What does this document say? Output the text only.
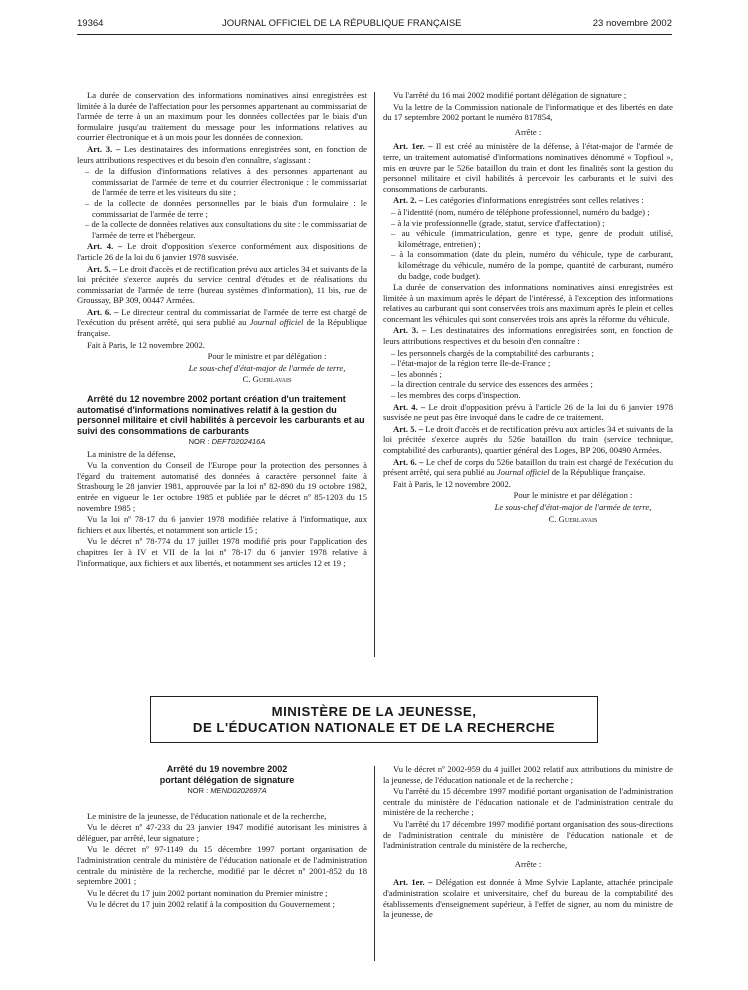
19364	JOURNAL OFFICIEL DE LA RÉPUBLIQUE FRANÇAISE	23 novembre 2002

La durée de conservation des informations nominatives ainsi enregistrées est limitée à la durée de l'affectation pour les personnes appartenant au commissariat de l'armée de terre à un an maximum pour les données collectées par le biais d'un formulaire jusqu'au traitement du message pour les informations relatives au courrier électronique et à un mois pour les données de connexion.

Art. 3. – Les destinataires des informations enregistrées sont, en fonction de leurs attributions respectives et du besoin d'en connaître, s'agissant :

– de la diffusion d'informations relatives à des personnes appartenant au commissariat de l'armée de terre et du courrier électronique : le commissariat de l'armée de terre et les visiteurs du site ;
– de la collecte de données personnelles par le biais d'un formulaire : le commissariat de l'armée de terre ;
– de la collecte de données relatives aux consultations du site : le commissariat de l'armée de terre et l'hébergeur.

Art. 4. – Le droit d'opposition s'exerce conformément aux dispositions de l'article 26 de la loi du 6 janvier 1978 susvisée.

Art. 5. – Le droit d'accès et de rectification prévu aux articles 34 et suivants de la loi précitée s'exerce auprès du service central d'études et de réalisations du commissariat de l'armée de terre (bureau systèmes d'information), 11 bis, rue de Groussay, BP 309, 00447 Armées.

Art. 6. – Le directeur central du commissariat de l'armée de terre est chargé de l'exécution du présent arrêté, qui sera publié au Journal officiel de la République française.

Fait à Paris, le 12 novembre 2002.

Pour le ministre et par délégation :

Le sous-chef d'état-major de l'armée de terre,

C. Guerlavais

Arrêté du 12 novembre 2002 portant création d'un traitement automatisé d'informations nominatives relatif à la gestion du personnel militaire et civil habilités à percevoir les carburants et au suivi des consommations de carburants

NOR : DEFT0202416A

La ministre de la défense,

Vu la convention du Conseil de l'Europe pour la protection des personnes à l'égard du traitement automatisé des données à caractère personnel faite à Strasbourg le 28 janvier 1981, approuvée par la loi nº 82-890 du 19 octobre 1982, entrée en vigueur le 1er octobre 1985 et publiée par le décret nº 85-1203 du 15 novembre 1985 ;

Vu la loi nº 78-17 du 6 janvier 1978 modifiée relative à l'informatique, aux fichiers et aux libertés, et notamment son article 15 ;

Vu le décret nº 78-774 du 17 juillet 1978 modifié pris pour l'application des chapitres Ier à IV et VII de la loi nº 78-17 du 6 janvier 1978 relative à l'informatique, aux fichiers et aux libertés, et notamment ses articles 12 et 19 ;

Vu l'arrêté du 16 mai 2002 modifié portant délégation de signature ;

Vu la lettre de la Commission nationale de l'informatique et des libertés en date du 17 septembre 2002 portant le numéro 817854,

Arrête :

Art. 1er. – Il est créé au ministère de la défense, à l'état-major de l'armée de terre, un traitement automatisé d'informations nominatives dénommé « Topfioul », mis en œuvre par le 526e bataillon du train et dont les finalités sont la gestion du personnel militaire et civil habilités à percevoir les carburants et le suivi des consommations de carburants.

Art. 2. – Les catégories d'informations enregistrées sont celles relatives :

– à l'identité (nom, numéro de téléphone professionnel, numéro du badge) ;
– à la vie professionnelle (grade, statut, service d'affectation) ;
– au véhicule (immatriculation, genre et type, genre de produit utilisé, kilométrage, entretien) ;
– à la consommation (date du plein, numéro du véhicule, type de carburant, kilométrage du véhicule, numéro de la pompe, quantité de carburant, numéro du badge, code budget).

La durée de conservation des informations nominatives ainsi enregistrées est limitée à un maximum après le départ de l'intéressé, à l'exception des informations relatives au carburant qui sont conservées trois ans maximum après le plein et celles concernant les véhicules qui sont conservées trois ans après la réforme du véhicule.

Art. 3. – Les destinataires des informations enregistrées sont, en fonction de leurs attributions respectives et du besoin d'en connaître :

– les personnels chargés de la comptabilité des carburants ;
– l'état-major de la région terre Ile-de-France ;
– les abonnés ;
– la direction centrale du service des essences des armées ;
– les membres des corps d'inspection.

Art. 4. – Le droit d'opposition prévu à l'article 26 de la loi du 6 janvier 1978 susvisée ne peut pas être invoqué dans le cadre de ce traitement.

Art. 5. – Le droit d'accès et de rectification prévu aux articles 34 et suivants de la loi précitée s'exerce auprès du 526e bataillon du train (service technique, comptabilité des carburants), quartier général des Loges, BP 206, 00490 Armées.

Art. 6. – Le chef de corps du 526e bataillon du train est chargé de l'exécution du présent arrêté, qui sera publié au Journal officiel de la République française.

Fait à Paris, le 12 novembre 2002.

Pour le ministre et par délégation :

Le sous-chef d'état-major de l'armée de terre,

C. Guerlavais

MINISTÈRE DE LA JEUNESSE,
DE L'ÉDUCATION NATIONALE ET DE LA RECHERCHE

Arrêté du 19 novembre 2002

portant délégation de signature

NOR : MEND0202697A

Le ministre de la jeunesse, de l'éducation nationale et de la recherche,

Vu le décret nº 47-233 du 23 janvier 1947 modifié autorisant les ministres à déléguer, par arrêté, leur signature ;

Vu le décret nº 97-1149 du 15 décembre 1997 portant organisation de l'administration centrale du ministère de l'éducation nationale et de l'administration centrale du ministère de la recherche, modifié par le décret nº 2001-852 du 18 septembre 2001 ;

Vu le décret du 17 juin 2002 portant nomination du Premier ministre ;

Vu le décret du 17 juin 2002 relatif à la composition du Gouvernement ;

Vu le décret nº 2002-959 du 4 juillet 2002 relatif aux attributions du ministre de la jeunesse, de l'éducation nationale et de la recherche ;

Vu l'arrêté du 15 décembre 1997 modifié portant organisation de l'administration centrale du ministère de l'éducation nationale et de l'administration centrale du ministère de la recherche ;

Vu l'arrêté du 17 décembre 1997 modifié portant organisation des sous-directions de l'administration centrale du ministère de l'éducation nationale et de l'administration centrale du ministère de la recherche,

Arrête :

Art. 1er. – Délégation est donnée à Mme Sylvie Laplante, attachée principale d'administration scolaire et universitaire, chef du bureau de la comptabilité des établissements d'enseignement supérieur, à l'effet de signer, au nom du ministre de la jeunesse, de
